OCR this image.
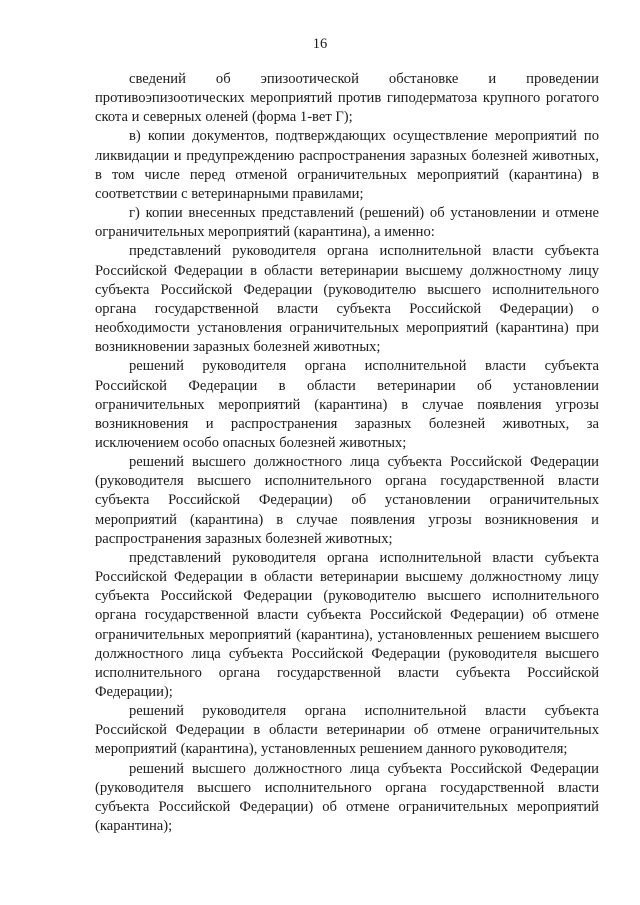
16

сведений об эпизоотической обстановке и проведении противоэпизоотических мероприятий против гиподерматоза крупного рогатого скота и северных оленей (форма 1-вет Г);

в) копии документов, подтверждающих осуществление мероприятий по ликвидации и предупреждению распространения заразных болезней животных, в том числе перед отменой ограничительных мероприятий (карантина) в соответствии с ветеринарными правилами;

г) копии внесенных представлений (решений) об установлении и отмене ограничительных мероприятий (карантина), а именно:

представлений руководителя органа исполнительной власти субъекта Российской Федерации в области ветеринарии высшему должностному лицу субъекта Российской Федерации (руководителю высшего исполнительного органа государственной власти субъекта Российской Федерации) о необходимости установления ограничительных мероприятий (карантина) при возникновении заразных болезней животных;

решений руководителя органа исполнительной власти субъекта Российской Федерации в области ветеринарии об установлении ограничительных мероприятий (карантина) в случае появления угрозы возникновения и распространения заразных болезней животных, за исключением особо опасных болезней животных;

решений высшего должностного лица субъекта Российской Федерации (руководителя высшего исполнительного органа государственной власти субъекта Российской Федерации) об установлении ограничительных мероприятий (карантина) в случае появления угрозы возникновения и распространения заразных болезней животных;

представлений руководителя органа исполнительной власти субъекта Российской Федерации в области ветеринарии высшему должностному лицу субъекта Российской Федерации (руководителю высшего исполнительного органа государственной власти субъекта Российской Федерации) об отмене ограничительных мероприятий (карантина), установленных решением высшего должностного лица субъекта Российской Федерации (руководителя высшего исполнительного органа государственной власти субъекта Российской Федерации);

решений руководителя органа исполнительной власти субъекта Российской Федерации в области ветеринарии об отмене ограничительных мероприятий (карантина), установленных решением данного руководителя;

решений высшего должностного лица субъекта Российской Федерации (руководителя высшего исполнительного органа государственной власти субъекта Российской Федерации) об отмене ограничительных мероприятий (карантина);
